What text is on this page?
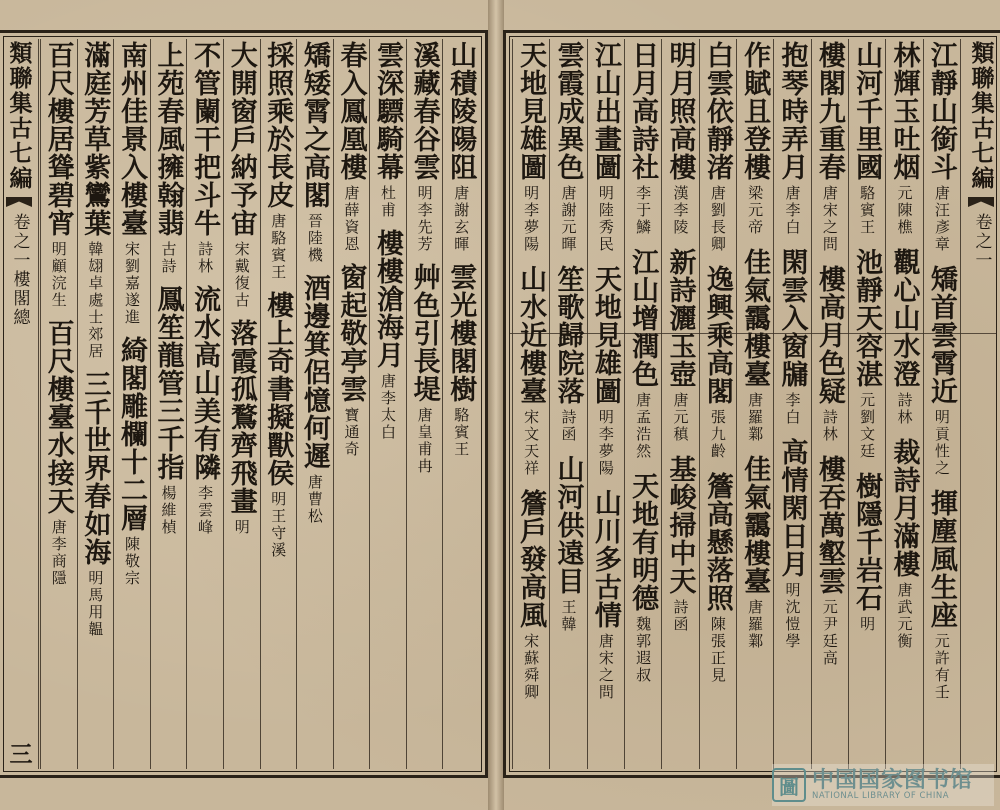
山積陵陽阻
唐謝玄暉
雲光樓閣樹
駱賓王
溪藏春谷雲
明李先芳
艸色引長堤
唐皇甫冉
雲深驃騎幕
杜甫
樓樓滄海月
唐李太白
春入鳳凰樓
唐薛資恩
窗起敬亭雲
寶通奇
矯矮霄之高閣
晉陸機
酒邊箕侶憶何遲
唐曹松
採照乘於長皮
唐駱賓王
樓上奇書擬獸侯
明王守溪
大開窗戶納予宙
宋戴復古
落霞孤鶩齊飛畫
明
不管闌干把斗牛
詩林
流水高山美有隣
李雲峰
上苑春風擁翰翡
古詩
鳳笙龍管三千指
楊維楨
南州佳景入樓臺
宋劉嘉遂進
綺閣雕欄十二層
陳敬宗
滿庭芳草紫鸞葉
韓翃卓處士郊居
三千世界春如海
明馬用韞
百尺樓居聳碧宵
明顧浣生
百尺樓臺水接天
唐李商隱
類聯集古七編
卷之一
樓閣總
三
江靜山銜斗
唐汪彥章
矯首雲霄近
明貢性之
揮塵風生座
元許有壬
林輝玉吐烟
元陳樵
觀心山水澄
詩林
裁詩月滿樓
唐武元衡
山河千里國
駱賓王
池靜天容湛
元劉文廷
樹隱千岩石
明
樓閣九重春
唐宋之問
樓高月色疑
詩林
樓吞萬壑雲
元尹廷高
抱琴時弄月
唐李白
閑雲入窗牖
李白
高情閑日月
明沈愷學
作賦且登樓
梁元帝
佳氣靄樓臺
唐羅鄴
佳氣靄樓臺
唐羅鄴
白雲依靜渚
唐劉長卿
逸興乘高閣
張九齡
簷高懸落照
陳張正見
明月照高樓
漢李陵
新詩灑玉壺
唐元稹
基峻掃中天
詩函
日月高詩社
李于鱗
江山增潤色
唐孟浩然
天地有明德
魏郭遐叔
江山出畫圖
明陸秀民
天地見雄圖
明李夢陽
山川多古情
唐宋之問
雲霞成異色
唐謝元暉
笙歌歸院落
詩函
山河供遠目
王韓
天地見雄圖
明李夢陽
山水近樓臺
宋文天祥
簷戶發高風
宋蘇舜卿
類聯集古七編
卷之一
圖 中国国家图书馆
NATIONAL LIBRARY OF CHINA
